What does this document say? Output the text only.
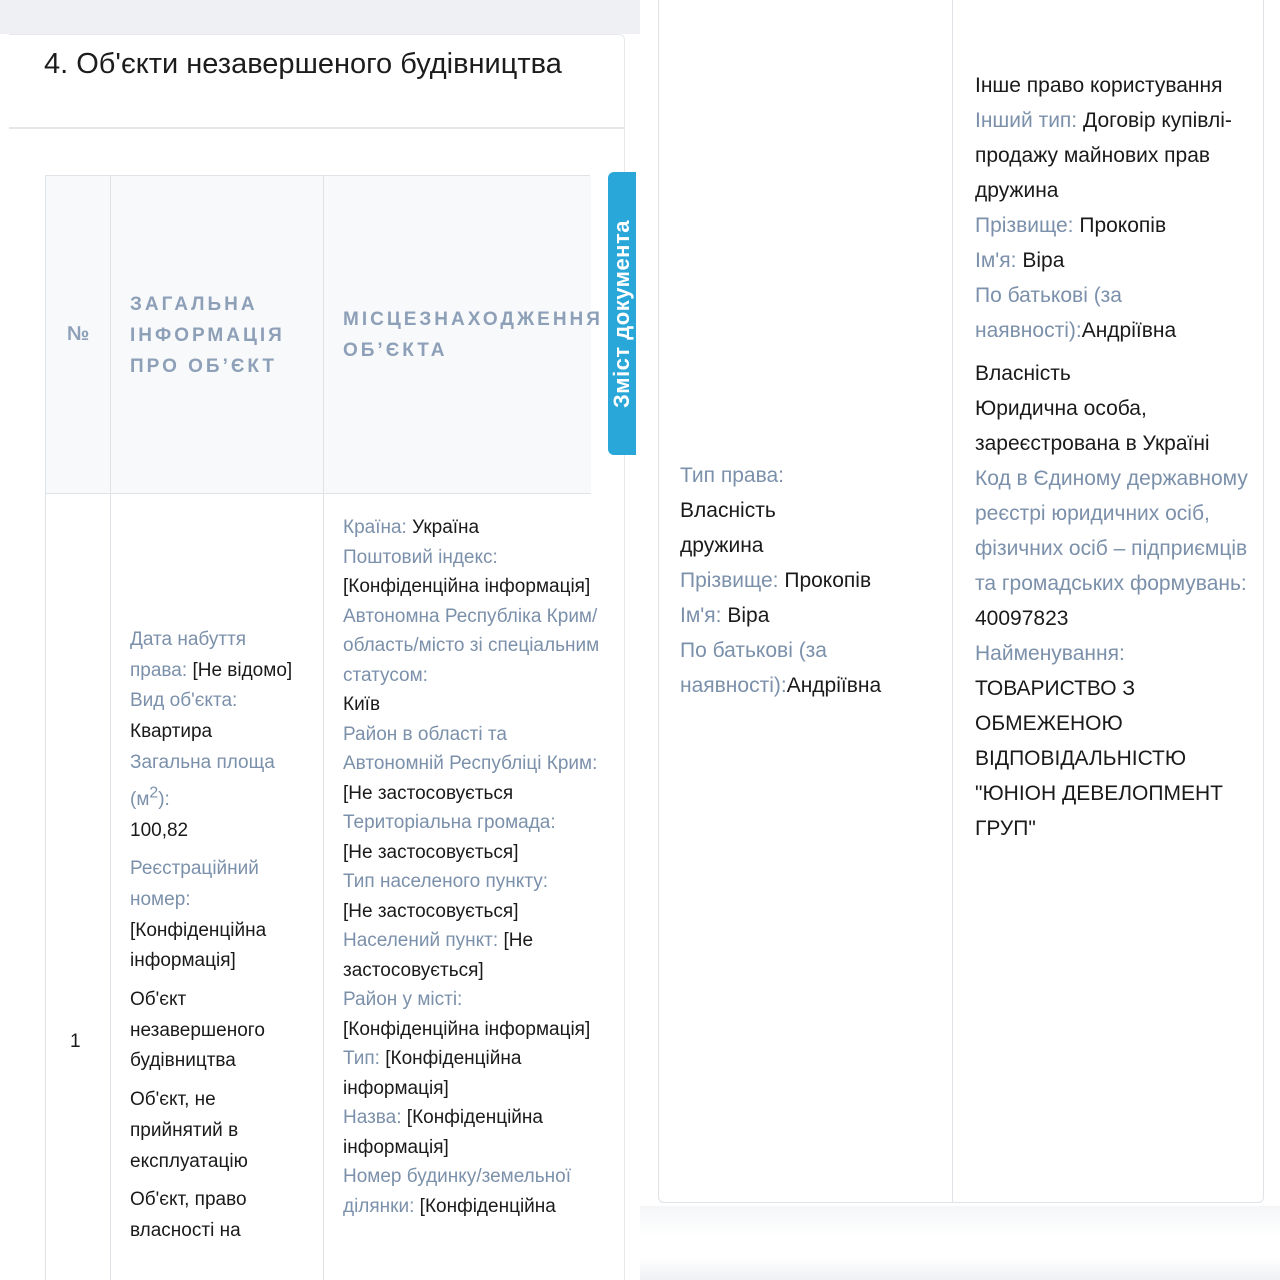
4. Об'єкти незавершеного будівництва
№
ЗАГАЛЬНА ІНФОРМАЦІЯ ПРО ОБ’ЄКТ
МІСЦЕЗНАХОДЖЕННЯ ОБ’ЄКТА
1
Дата набуття права: [Не відомо]
Вид об'єкта:
Квартира
Загальна площа $(м^2)$:
100,82
Реєстраційний номер:
[Конфіденційна інформація]
Об'єкт незавершеного будівництва
Об'єкт, не прийнятий в експлуатацію
Об'єкт, право власності на
Країна: Україна
Поштовий індекс:
[Конфіденційна інформація]
Автономна Республіка Крим/область/місто зі спеціальним статусом:
Київ
Район в області та Автономній Республіці Крим: [Не застосовується
Територіальна громада:
[Не застосовується]
Тип населеного пункту:
[Не застосовується]
Населений пункт: [Не застосовується]
Район у місті:
[Конфіденційна інформація]
Тип: [Конфіденційна інформація]
Назва: [Конфіденційна інформація]
Номер будинку/земельної ділянки: [Конфіденційна
Зміст документа
Тип права:
Власність
дружина
Прізвище: Прокопів
Ім'я: Віра
По батькові (за наявності):Андріївна
Інше право користування
Інший тип: Договір купівлі-продажу майнових прав
дружина
Прізвище: Прокопів
Ім'я: Віра
По батькові (за наявності):Андріївна
Власність
Юридична особа, зареєстрована в Україні
Код в Єдиному державному реєстрі юридичних осіб, фізичних осіб – підприємців та громадських формувань:
40097823
Найменування:
ТОВАРИСТВО З ОБМЕЖЕНОЮ ВІДПОВІДАЛЬНІСТЮ "ЮНІОН ДЕВЕЛОПМЕНТ ГРУП"
